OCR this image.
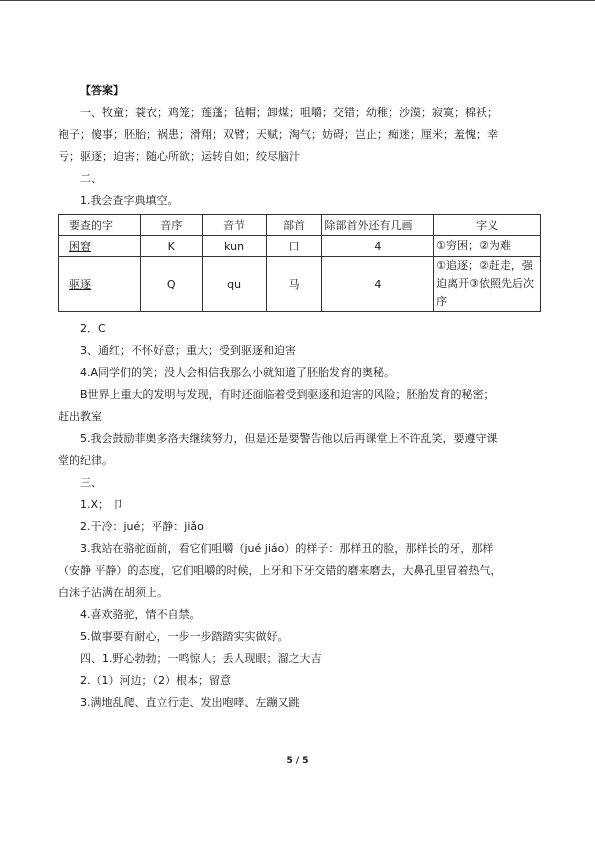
【答案】
一、牧童；蓑衣；鸡笼；莲蓬；毡帽；卸煤；咀嚼；交错；幼稚；沙漠；寂寞；棉袄；
袍子；傻事；胚胎；祸患；滑翔；双臂；天赋；淘气；妨碍；岂止；痴迷；厘米；羞愧；幸
亏；驱逐；迫害；随心所欲；运转自如；绞尽脑汁
二、
1.我会查字典填空。
要查的字	音序	音节	部首	除部首外还有几画	字义
困窘	K	kun	口	4	①穷困；②为难
驱逐	Q	qu	马	4	①追逐；②赶走，强迫离开③依照先后次序
2．C
3、通红；不怀好意；重大；受到驱逐和迫害
4.A同学们的笑；没人会相信我那么小就知道了胚胎发育的奥秘。
B世界上重大的发明与发现，有时还面临着受到驱逐和迫害的风险；胚胎发育的秘密；
赶出教室
5.我会鼓励菲奥多洛夫继续努力，但是还是要警告他以后再课堂上不许乱笑，要遵守课
堂的纪律。
三、
1.X； 卩
2.干冷：jué；平静：jiǎo
3.我站在骆驼面前，看它们咀嚼（jué jiáo）的样子：那样丑的脸，那样长的牙，那样
（安静 平静）的态度，它们咀嚼的时候，上牙和下牙交错的磨来磨去，大鼻孔里冒着热气，
白沫子沾满在胡须上。
4.喜欢骆驼，情不自禁。
5.做事要有耐心，一步一步踏踏实实做好。
四、1.野心勃勃；一鸣惊人；丢人现眼；溜之大吉
2.（1）河边；（2）根本；留意
3.满地乱爬、直立行走、发出咆哮、左蹦又跳
5 / 5
